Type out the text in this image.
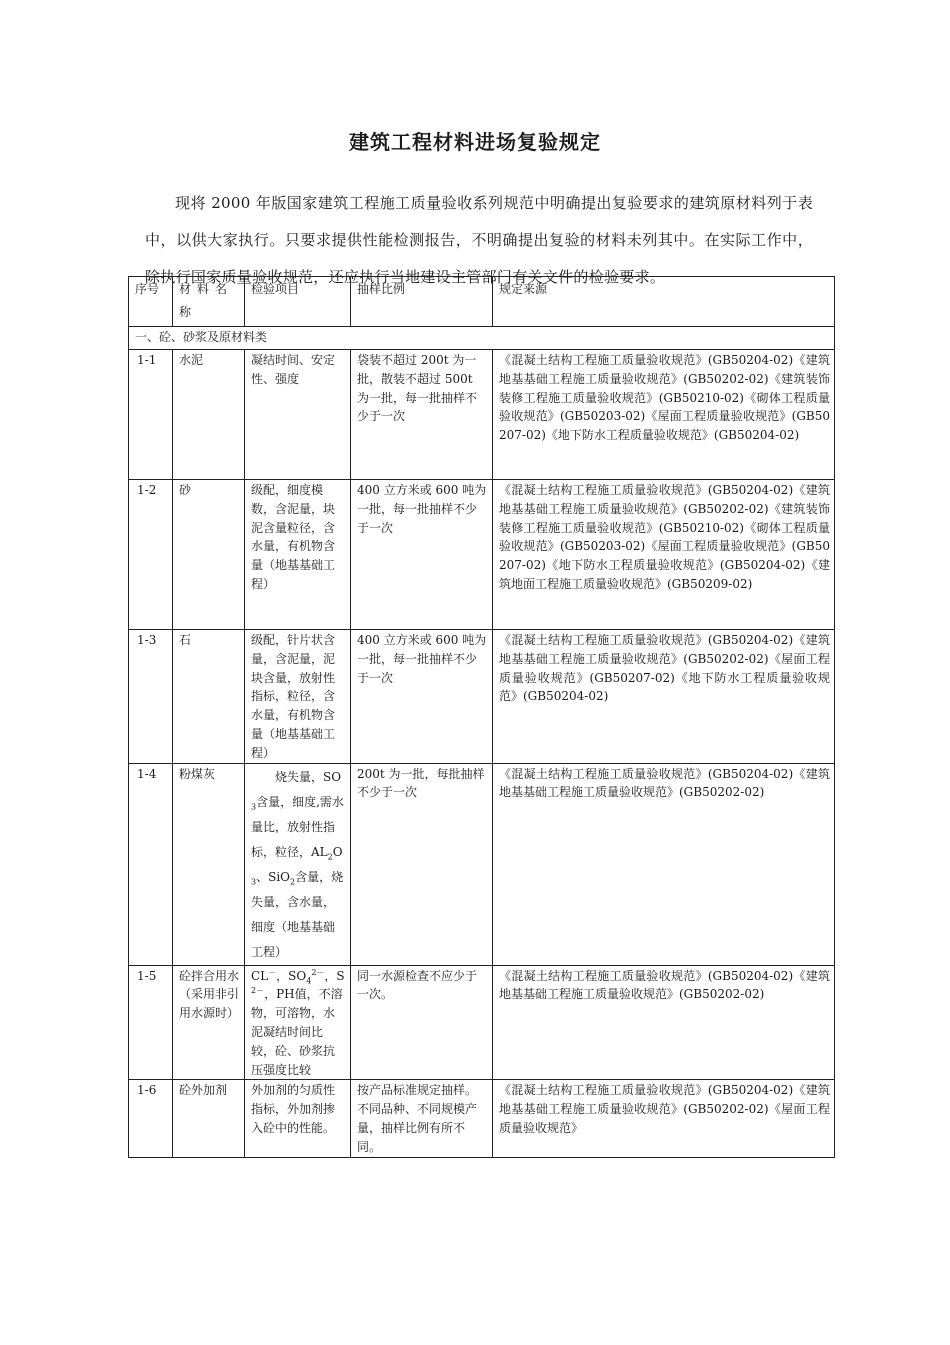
建筑工程材料进场复验规定

现将 2000 年版国家建筑工程施工质量验收系列规范中明确提出复验要求的建筑原材料列于表中，以供大家执行。只要求提供性能检测报告，不明确提出复验的材料未列其中。在实际工作中，除执行国家质量验收规范，还应执行当地建设主管部门有关文件的检验要求。

序号	材料名称	检验项目	抽样比例	规定来源
一、砼、砂浆及原材料类				
1-1	水泥	凝结时间、安定性、强度	袋装不超过 200t 为一批，散装不超过 500t 为一批，每一批抽样不少于一次	《混凝土结构工程施工质量验收规范》(GB50204-02)《建筑地基基础工程施工质量验收规范》(GB50202-02)《建筑装饰装修工程施工质量验收规范》(GB50210-02)《砌体工程质量验收规范》(GB50203-02)《屋面工程质量验收规范》(GB50207-02)《地下防水工程质量验收规范》(GB50204-02)
1-2	砂	级配，细度模数，含泥量，块泥含量粒径，含水量，有机物含量（地基基础工程）	400 立方米或 600 吨为一批，每一批抽样不少于一次	《混凝土结构工程施工质量验收规范》(GB50204-02)《建筑地基基础工程施工质量验收规范》(GB50202-02)《建筑装饰装修工程施工质量验收规范》(GB50210-02)《砌体工程质量验收规范》(GB50203-02)《屋面工程质量验收规范》(GB50207-02)《地下防水工程质量验收规范》(GB50204-02)《建筑地面工程施工质量验收规范》(GB50209-02)
1-3	石	级配，针片状含量，含泥量，泥块含量，放射性指标，粒径，含水量，有机物含量（地基基础工程）	400 立方米或 600 吨为一批，每一批抽样不少于一次	《混凝土结构工程施工质量验收规范》(GB50204-02)《建筑地基基础工程施工质量验收规范》(GB50202-02)《屋面工程质量验收规范》(GB50207-02)《地下防水工程质量验收规范》(GB50204-02)
1-4	粉煤灰	烧失量，$SO_3$含量，细度,需水量比，放射性指标，粒径，$AL_2O_3$、SiO$_2$含量，烧失量，含水量，细度（地基基础工程）	200t 为一批，每批抽样不少于一次	《混凝土结构工程施工质量验收规范》(GB50204-02)《建筑地基基础工程施工质量验收规范》(GB50202-02)
1-5	砼拌合用水（采用非引用水源时）	CL－，$SO_4^{2-}$，$S^{2-}$，PH值，不溶物，可溶物，水泥凝结时间比较，砼、砂浆抗压强度比较	同一水源检查不应少于一次。	《混凝土结构工程施工质量验收规范》(GB50204-02)《建筑地基基础工程施工质量验收规范》(GB50202-02)
1-6	砼外加剂	外加剂的匀质性指标，外加剂掺入砼中的性能。	按产品标准规定抽样。不同品种、不同规模产量，抽样比例有所不同。	《混凝土结构工程施工质量验收规范》(GB50204-02)《建筑地基基础工程施工质量验收规范》(GB50202-02)《屋面工程质量验收规范》
